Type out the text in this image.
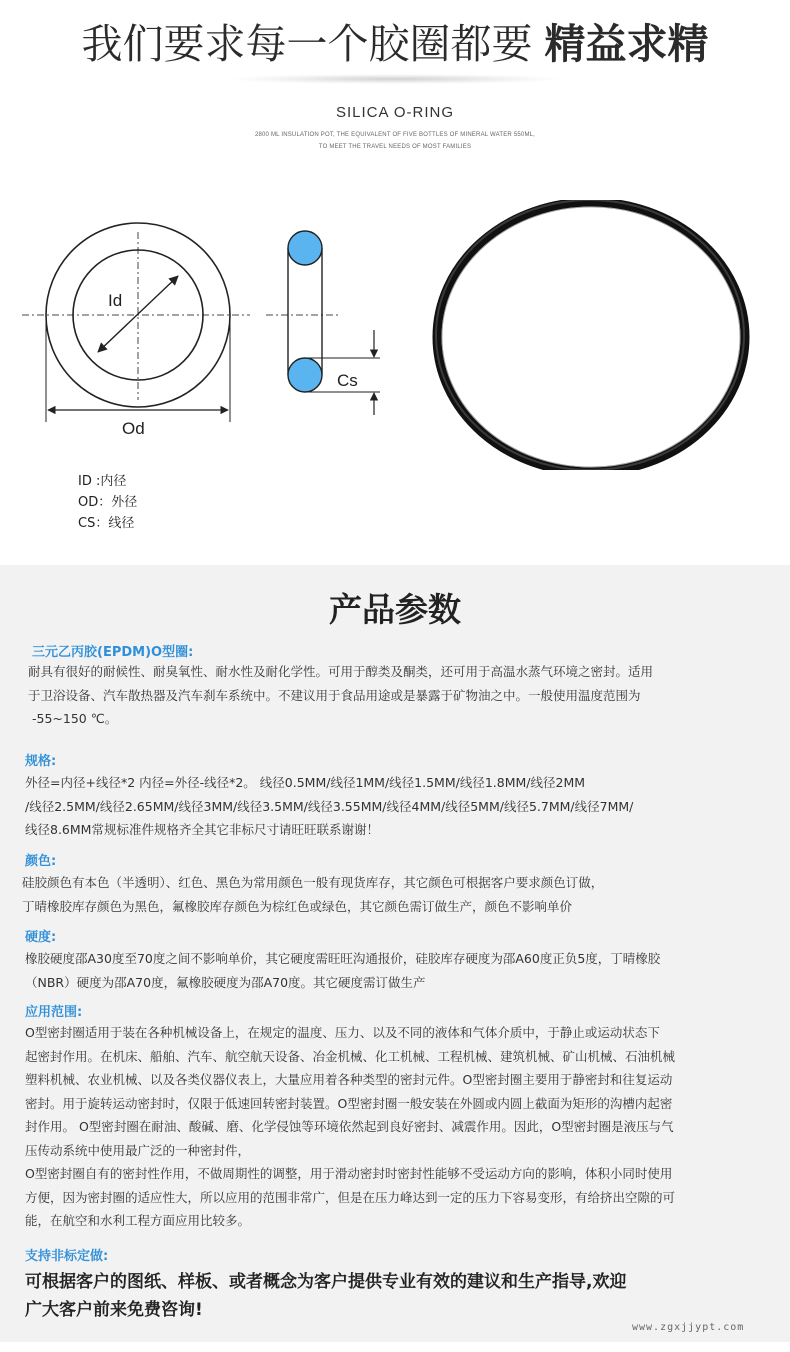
我们要求每一个胶圈都要 精益求精
SILICA O-RING
2800 ML INSULATION POT, THE EQUIVALENT OF FIVE BOTTLES OF MINERAL WATER 550ML,
TO MEET THE TRAVEL NEEDS OF MOST FAMILIES
Id
Od
Cs
ID :内径
OD：外径
CS：线径
产品参数
三元乙丙胶(EPDM)O型圈:
耐具有很好的耐候性、耐臭氧性、耐水性及耐化学性。可用于醇类及酮类，还可用于高温水蒸气环境之密封。适用
于卫浴设备、汽车散热器及汽车刹车系统中。不建议用于食品用途或是暴露于矿物油之中。一般使用温度范围为
-55~150 ℃。
规格:
外径=内径+线径*2 内径=外径-线径*2。 线径0.5MM/线径1MM/线径1.5MM/线径1.8MM/线径2MM
/线径2.5MM/线径2.65MM/线径3MM/线径3.5MM/线径3.55MM/线径4MM/线径5MM/线径5.7MM/线径7MM/
线径8.6MM常规标准件规格齐全其它非标尺寸请旺旺联系谢谢！
颜色:
硅胶颜色有本色（半透明）、红色、黑色为常用颜色一般有现货库存，其它颜色可根据客户要求颜色订做，
丁晴橡胶库存颜色为黑色，氟橡胶库存颜色为棕红色或绿色，其它颜色需订做生产，颜色不影响单价
硬度:
橡胶硬度邵A30度至70度之间不影响单价，其它硬度需旺旺沟通报价，硅胶库存硬度为邵A60度正负5度，丁晴橡胶
（NBR）硬度为邵A70度，氟橡胶硬度为邵A70度。其它硬度需订做生产
应用范围:
O型密封圈适用于装在各种机械设备上，在规定的温度、压力、以及不同的液体和气体介质中，于静止或运动状态下
起密封作用。在机床、船舶、汽车、航空航天设备、冶金机械、化工机械、工程机械、建筑机械、矿山机械、石油机械
塑料机械、农业机械、以及各类仪器仪表上，大量应用着各种类型的密封元件。O型密封圈主要用于静密封和往复运动
密封。用于旋转运动密封时，仅限于低速回转密封装置。O型密封圈一般安装在外圆或内圆上截面为矩形的沟槽内起密
封作用。 O型密封圈在耐油、酸碱、磨、化学侵蚀等环境依然起到良好密封、减震作用。因此，O型密封圈是液压与气
压传动系统中使用最广泛的一种密封件，
O型密封圈自有的密封性作用，不做周期性的调整，用于滑动密封时密封性能够不受运动方向的影响，体积小同时使用
方便，因为密封圈的适应性大，所以应用的范围非常广，但是在压力峰达到一定的压力下容易变形，有给挤出空隙的可
能，在航空和水利工程方面应用比较多。
支持非标定做:
可根据客户的图纸、样板、或者概念为客户提供专业有效的建议和生产指导,欢迎
广大客户前来免费咨询!
www.zgxjjypt.com
